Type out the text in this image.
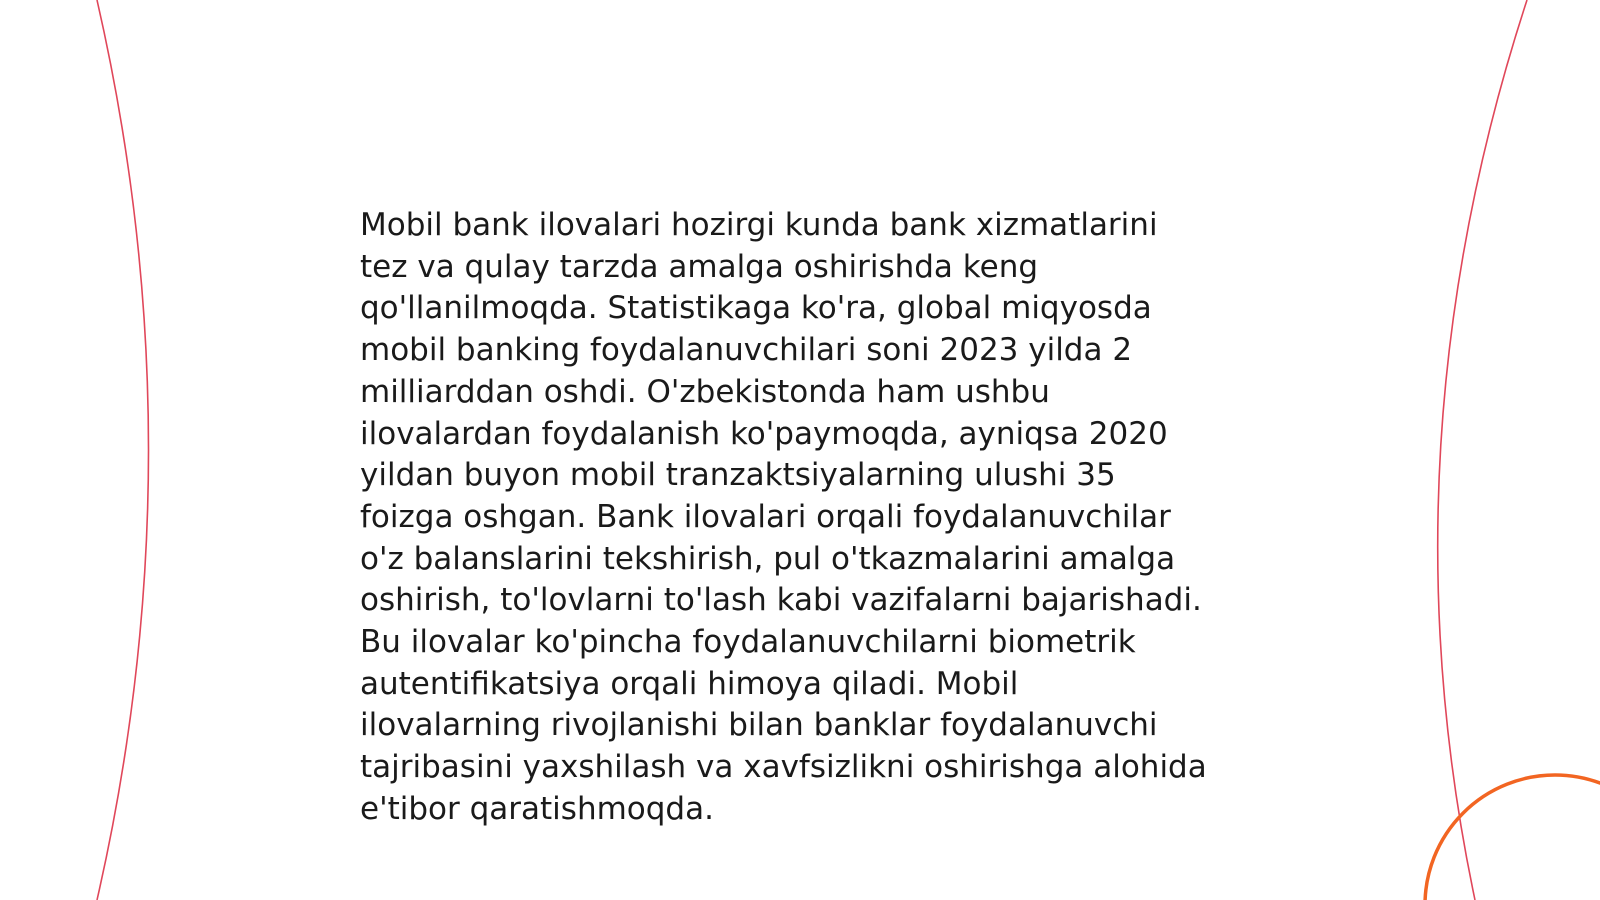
Mobil bank ilovalari hozirgi kunda bank xizmatlarini
tez va qulay tarzda amalga oshirishda keng
qo'llanilmoqda. Statistikaga ko'ra, global miqyosda
mobil banking foydalanuvchilari soni 2023 yilda 2
milliarddan oshdi. O'zbekistonda ham ushbu
ilovalardan foydalanish ko'paymoqda, ayniqsa 2020
yildan buyon mobil tranzaktsiyalarning ulushi 35
foizga oshgan. Bank ilovalari orqali foydalanuvchilar
o'z balanslarini tekshirish, pul o'tkazmalarini amalga
oshirish, to'lovlarni to'lash kabi vazifalarni bajarishadi.
Bu ilovalar ko'pincha foydalanuvchilarni biometrik
autentifikatsiya orqali himoya qiladi. Mobil
ilovalarning rivojlanishi bilan banklar foydalanuvchi
tajribasini yaxshilash va xavfsizlikni oshirishga alohida
e'tibor qaratishmoqda.
